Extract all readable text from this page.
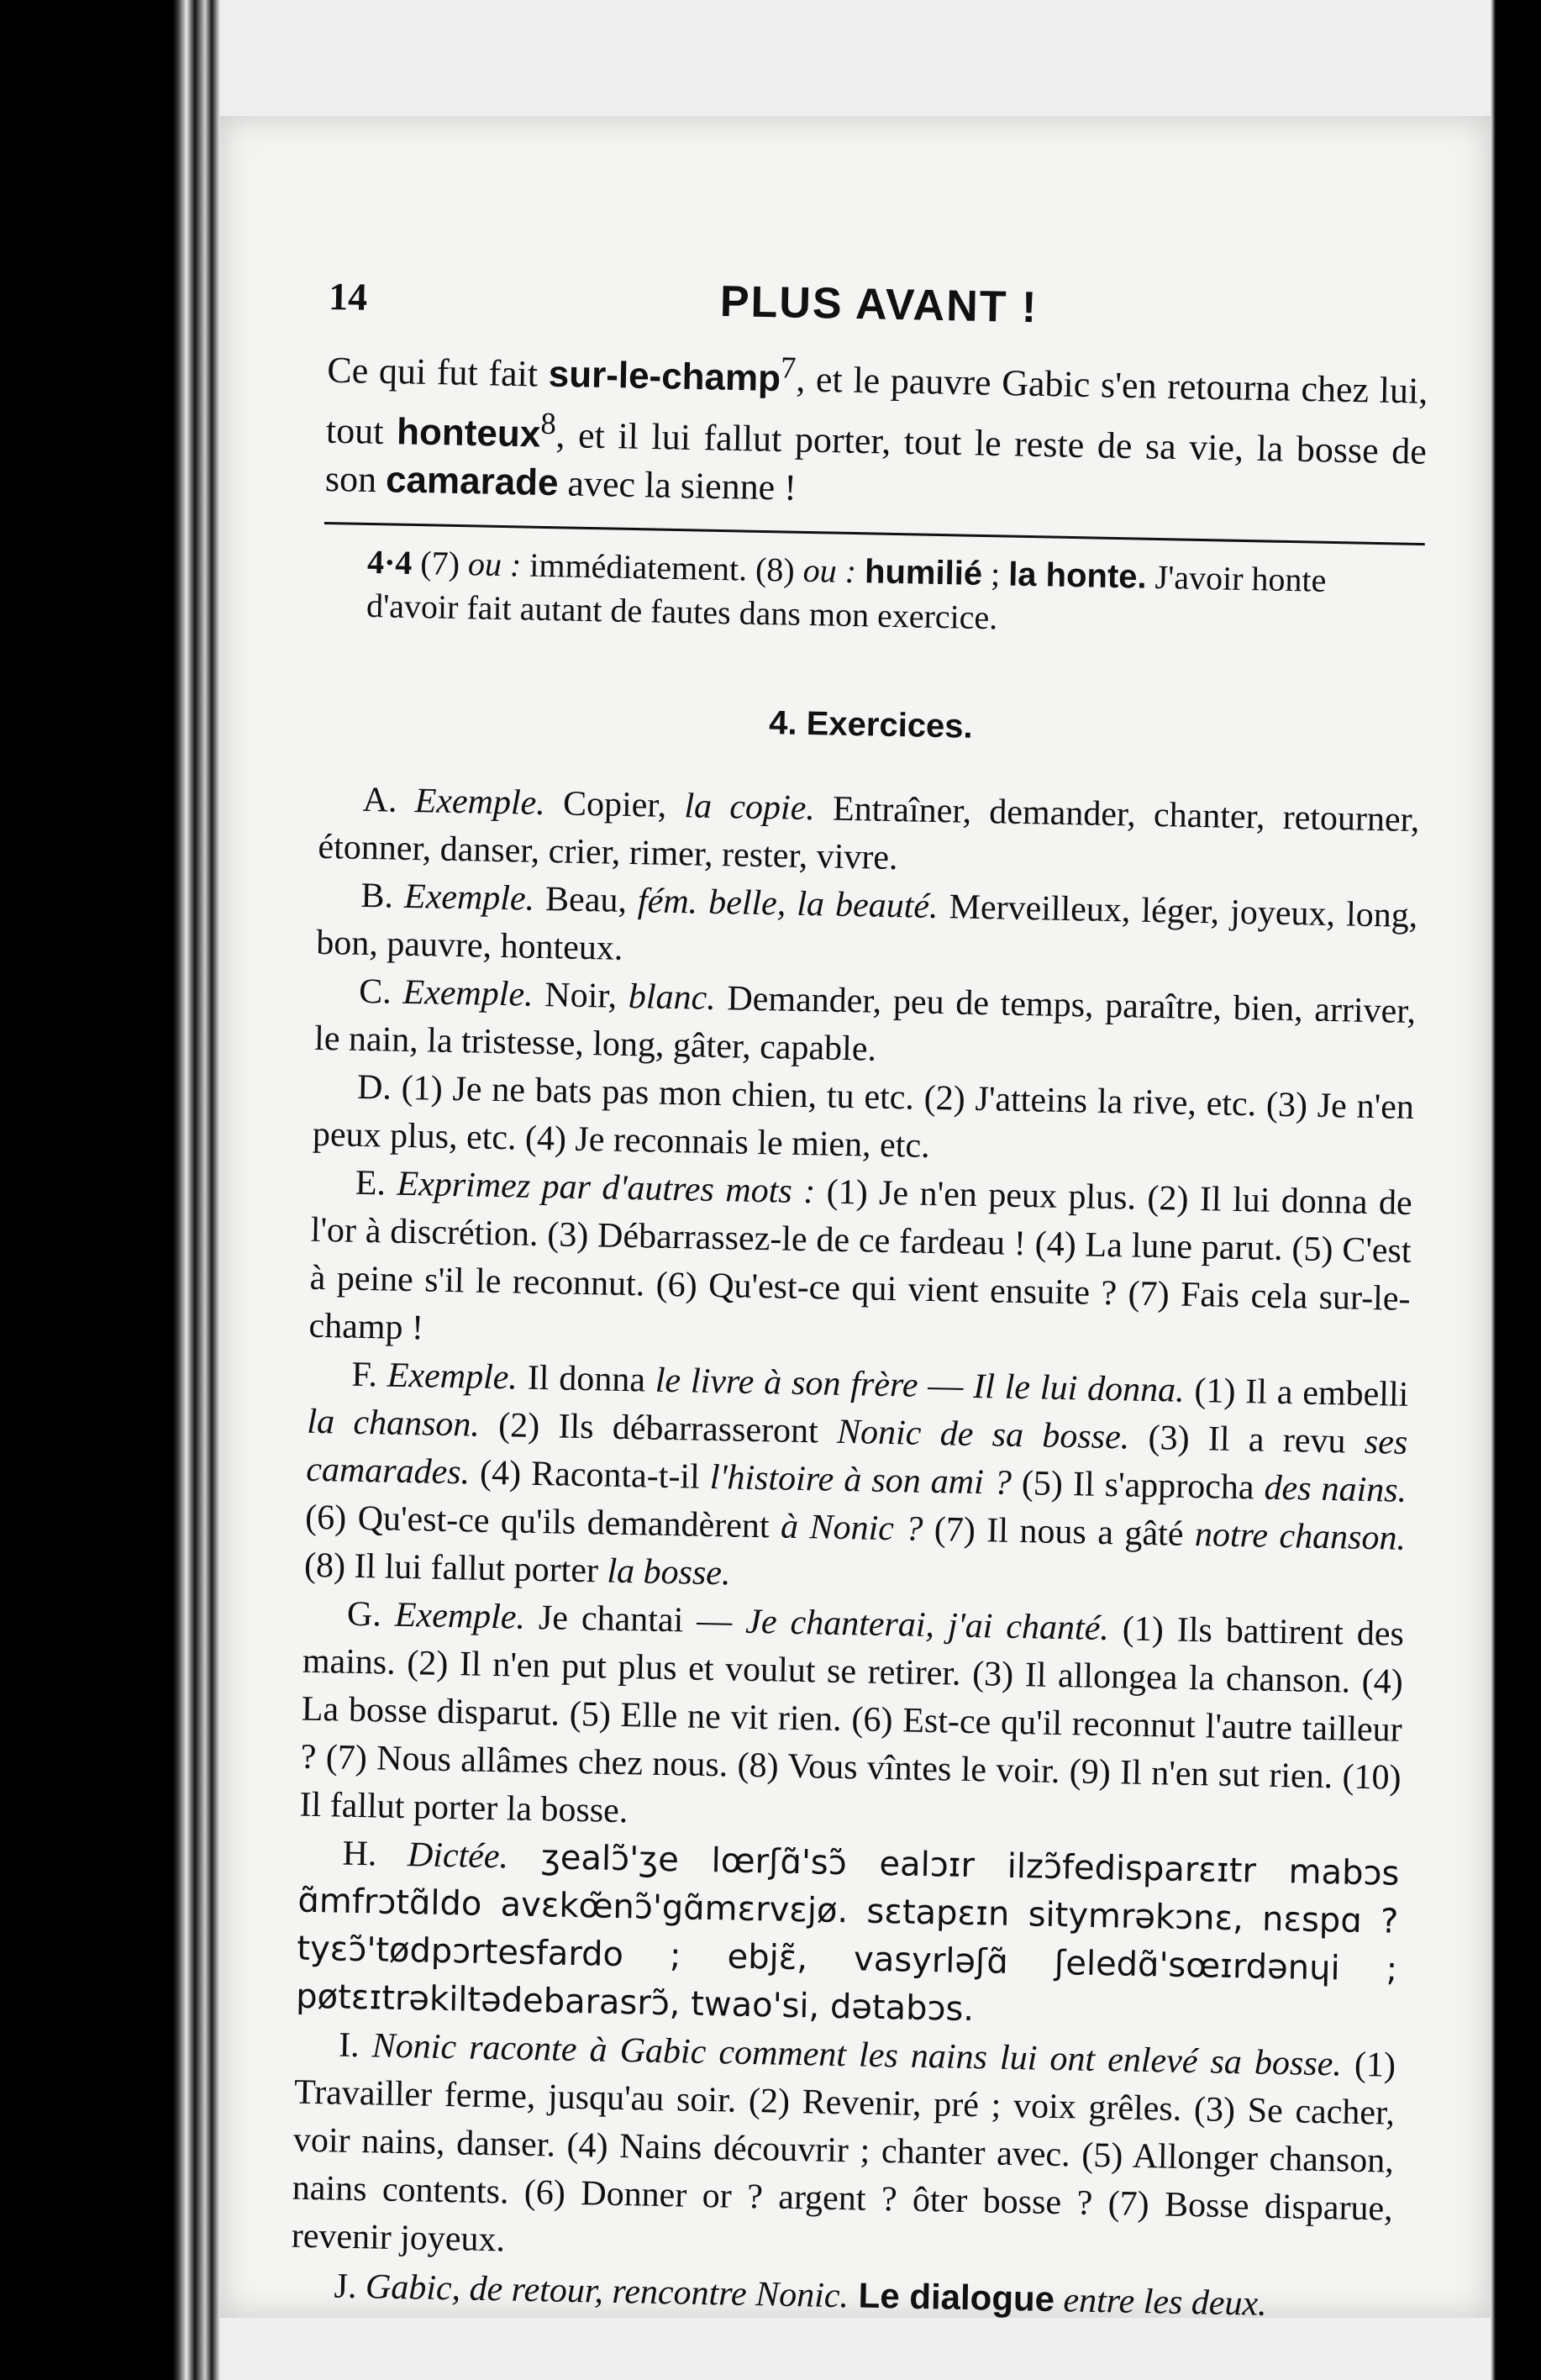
14	PLUS AVANT !

Ce qui fut fait sur-le-champ$^7$, et le pauvre Gabic s'en retourna chez lui, tout honteux$^8$, et il lui fallut porter, tout le reste de sa vie, la bosse de son camarade avec la sienne !

4·4 (7) ou : immédiatement. (8) ou : humilié ; la honte. J'avoir honte d'avoir fait autant de fautes dans mon exercice.

4. Exercices.

A. Exemple. Copier, la copie. Entraîner, demander, chanter, retourner, étonner, danser, crier, rimer, rester, vivre.

B. Exemple. Beau, fém. belle, la beauté. Merveilleux, léger, joyeux, long, bon, pauvre, honteux.

C. Exemple. Noir, blanc. Demander, peu de temps, paraître, bien, arriver, le nain, la tristesse, long, gâter, capable.

D. (1) Je ne bats pas mon chien, tu etc. (2) J'atteins la rive, etc. (3) Je n'en peux plus, etc. (4) Je reconnais le mien, etc.

E. Exprimez par d'autres mots : (1) Je n'en peux plus. (2) Il lui donna de l'or à discrétion. (3) Débarrassez-le de ce fardeau ! (4) La lune parut. (5) C'est à peine s'il le reconnut. (6) Qu'est-ce qui vient ensuite ? (7) Fais cela sur-le-champ !

F. Exemple. Il donna le livre à son frère — Il le lui donna. (1) Il a embelli la chanson. (2) Ils débarrasseront Nonic de sa bosse. (3) Il a revu ses camarades. (4) Raconta-t-il l'histoire à son ami ? (5) Il s'approcha des nains. (6) Qu'est-ce qu'ils demandèrent à Nonic ? (7) Il nous a gâté notre chanson. (8) Il lui fallut porter la bosse.

G. Exemple. Je chantai — Je chanterai, j'ai chanté. (1) Ils battirent des mains. (2) Il n'en put plus et voulut se retirer. (3) Il allongea la chanson. (4) La bosse disparut. (5) Elle ne vit rien. (6) Est-ce qu'il reconnut l'autre tailleur ? (7) Nous allâmes chez nous. (8) Vous vîntes le voir. (9) Il n'en sut rien. (10) Il fallut porter la bosse.

H. Dictée. ʒealɔ̃'ʒe lœrʃɑ̃'sɔ̃ ealɔɪr ilzɔ̃fedisparɛɪtr mabɔs ɑ̃mfrɔtɑ̃ldo avɛkœ̃nɔ̃'gɑ̃mɛrvɛjø. sɛtapɛɪn sitymrəkɔnɛ, nɛspɑ ? tyɛɔ̃'tødpɔrtesfardo ; ebjɛ̃, vasyrləʃɑ̃ ʃeledɑ̃'sœɪrdənɥi ; pøtɛɪtrəkiltədebarasrɔ̃, twao'si, dətabɔs.

I. Nonic raconte à Gabic comment les nains lui ont enlevé sa bosse. (1) Travailler ferme, jusqu'au soir. (2) Revenir, pré ; voix grêles. (3) Se cacher, voir nains, danser. (4) Nains découvrir ; chanter avec. (5) Allonger chanson, nains contents. (6) Donner or ? argent ? ôter bosse ? (7) Bosse disparue, revenir joyeux.

J. Gabic, de retour, rencontre Nonic. Le dialogue entre les deux.
